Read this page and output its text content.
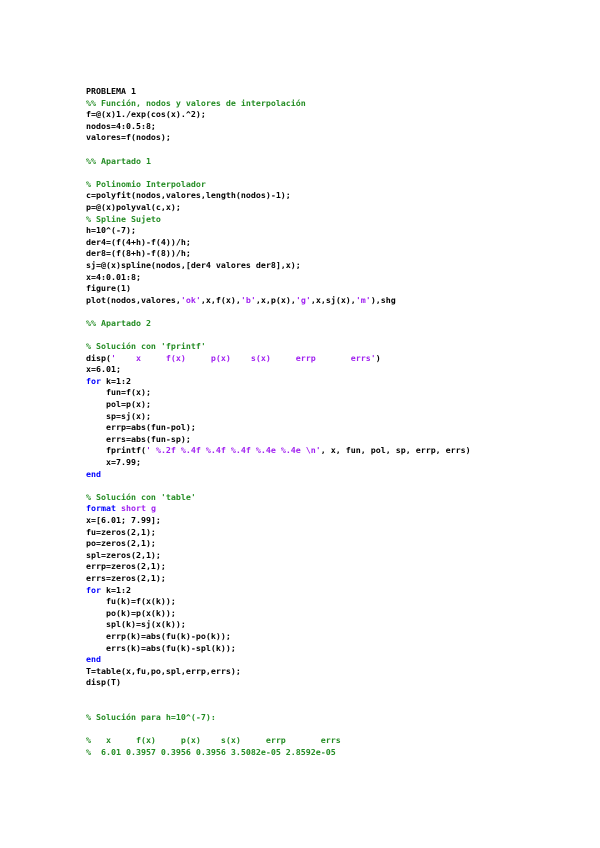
PROBLEMA 1
%% Función, nodos y valores de interpolación
f=@(x)1./exp(cos(x).^2);
nodos=4:0.5:8;
valores=f(nodos);

%% Apartado 1

% Polinomio Interpolador
c=polyfit(nodos,valores,length(nodos)-1);
p=@(x)polyval(c,x);
% Spline Sujeto
h=10^(-7);
der4=(f(4+h)-f(4))/h;
der8=(f(8+h)-f(8))/h;
sj=@(x)spline(nodos,[der4 valores der8],x);
x=4:0.01:8;
figure(1)
plot(nodos,valores,'ok',x,f(x),'b',x,p(x),'g',x,sj(x),'m'),shg

%% Apartado 2

% Solución con 'fprintf'
disp('    x     f(x)     p(x)    s(x)     errp       errs')
x=6.01;
for k=1:2
fun=f(x);
pol=p(x);
sp=sj(x);
errp=abs(fun-pol);
errs=abs(fun-sp);
fprintf(' %.2f %.4f %.4f %.4f %.4e %.4e \n', x, fun, pol, sp, errp, errs)
x=7.99;
end

% Solución con 'table'
format short g
x=[6.01; 7.99];
fu=zeros(2,1);
po=zeros(2,1);
spl=zeros(2,1);
errp=zeros(2,1);
errs=zeros(2,1);
for k=1:2
fu(k)=f(x(k));
po(k)=p(x(k));
spl(k)=sj(x(k));
errp(k)=abs(fu(k)-po(k));
errs(k)=abs(fu(k)-spl(k));
end
T=table(x,fu,po,spl,errp,errs);
disp(T)

% Solución para h=10^(-7):

%   x     f(x)     p(x)    s(x)     errp       errs
%  6.01 0.3957 0.3956 0.3956 3.5082e-05 2.8592e-05
